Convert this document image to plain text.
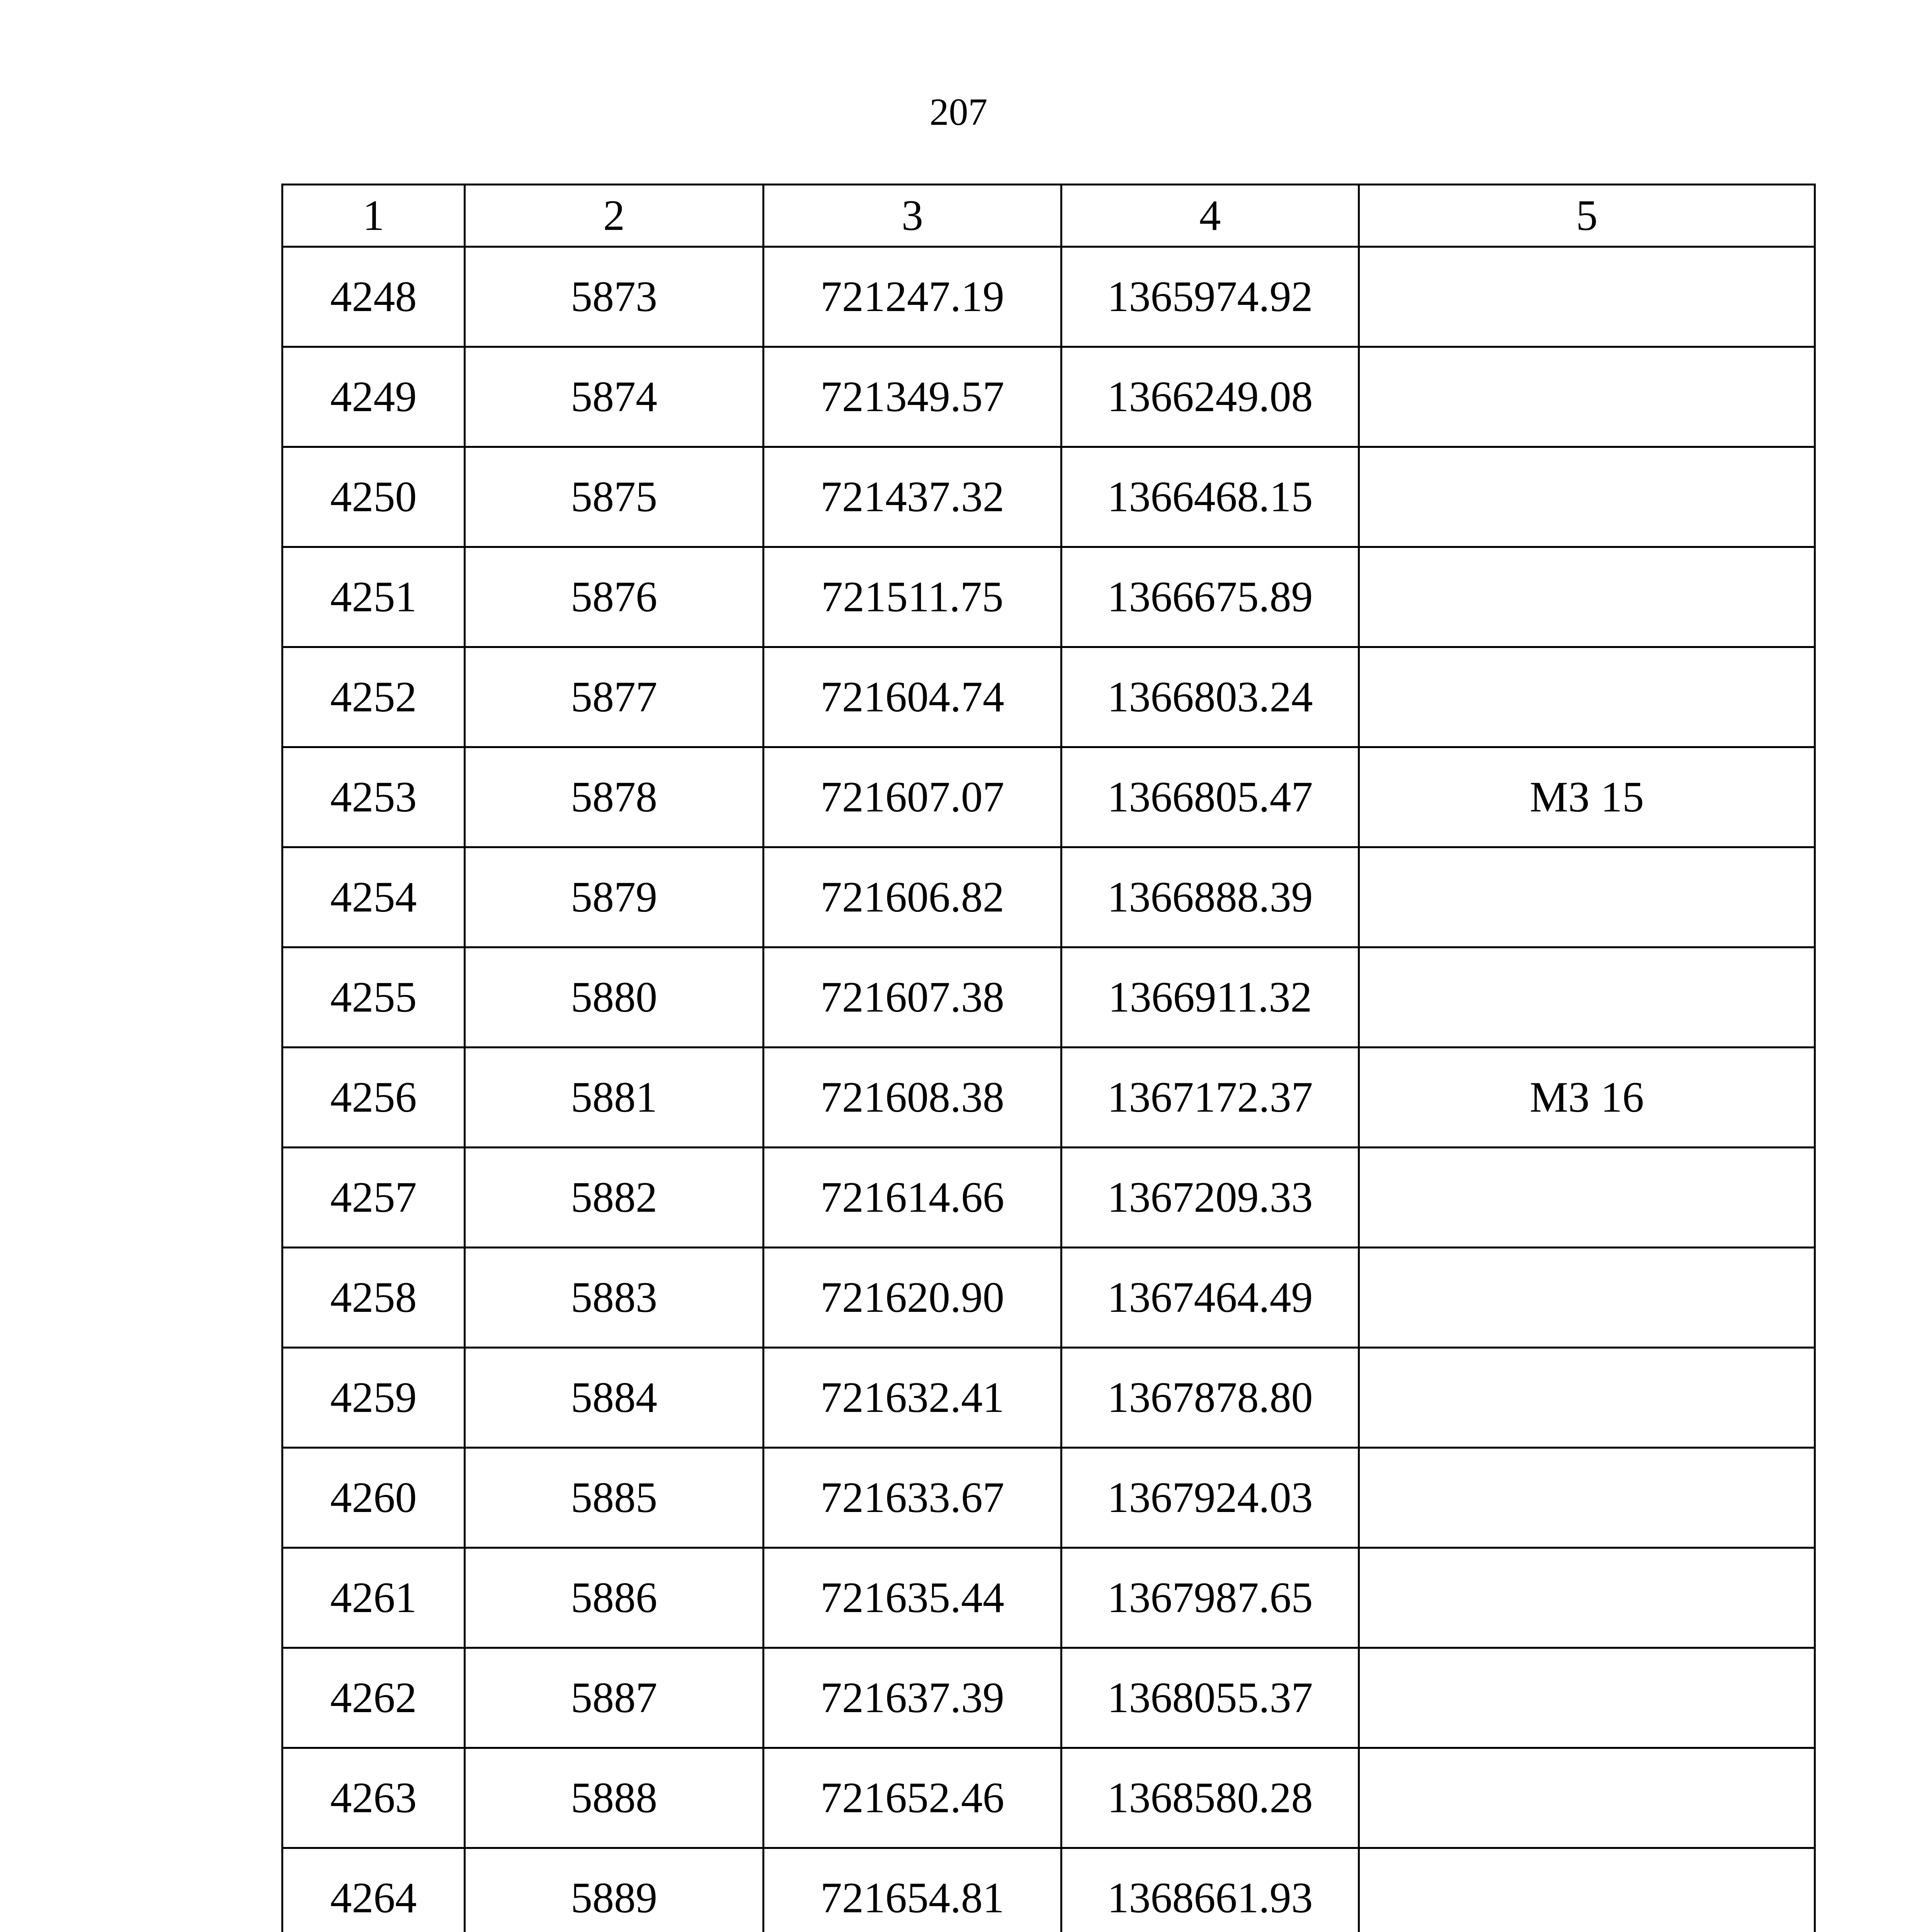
207
1	2	3	4	5
4248	5873	721247.19	1365974.92	
4249	5874	721349.57	1366249.08	
4250	5875	721437.32	1366468.15	
4251	5876	721511.75	1366675.89	
4252	5877	721604.74	1366803.24	
4253	5878	721607.07	1366805.47	МЗ 15
4254	5879	721606.82	1366888.39	
4255	5880	721607.38	1366911.32	
4256	5881	721608.38	1367172.37	МЗ 16
4257	5882	721614.66	1367209.33	
4258	5883	721620.90	1367464.49	
4259	5884	721632.41	1367878.80	
4260	5885	721633.67	1367924.03	
4261	5886	721635.44	1367987.65	
4262	5887	721637.39	1368055.37	
4263	5888	721652.46	1368580.28	
4264	5889	721654.81	1368661.93	
